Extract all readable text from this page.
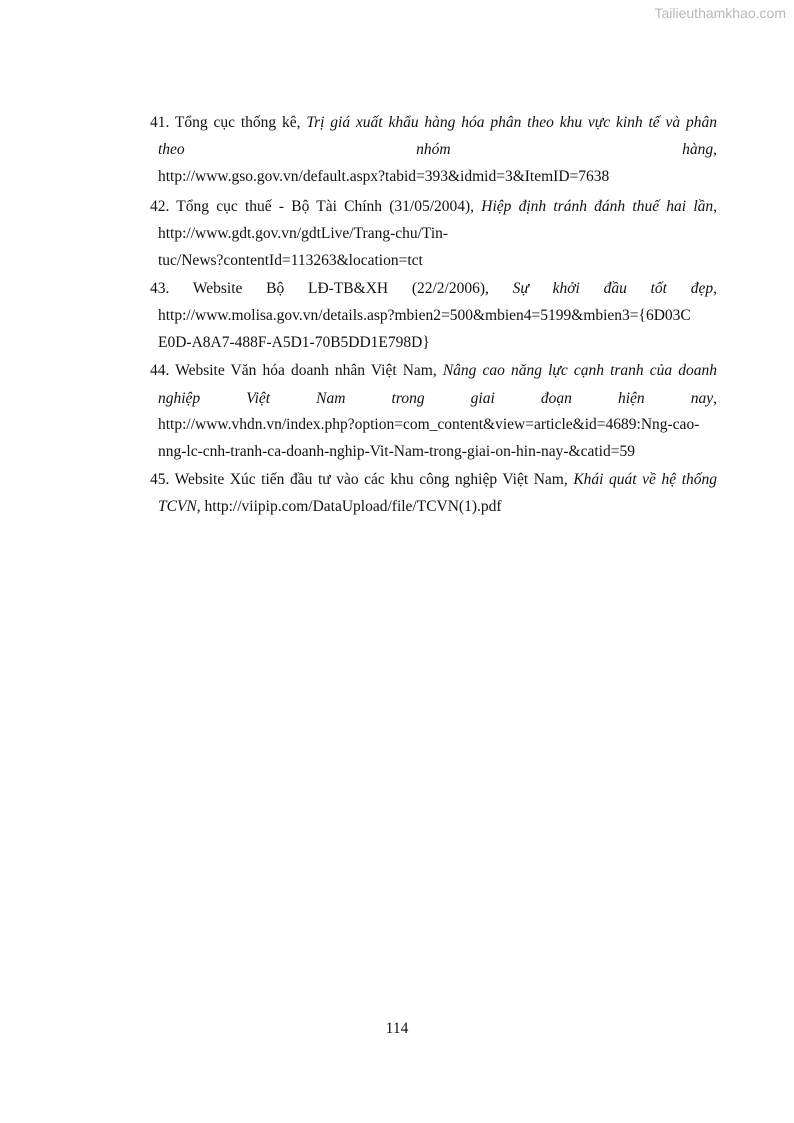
Tailieuthamkhao.com
41. Tổng cục thống kê, Trị giá xuất khẩu hàng hóa phân theo khu vực kinh tế và phân
theo nhóm hàng,
http://www.gso.gov.vn/default.aspx?tabid=393&idmid=3&ItemID=7638
42. Tổng cục thuế - Bộ Tài Chính (31/05/2004), Hiệp định tránh đánh thuế hai lần,
http://www.gdt.gov.vn/gdtLive/Trang-chu/Tin-
tuc/News?contentId=113263&location=tct
43. Website Bộ LĐ-TB&XH (22/2/2006), Sự khởi đầu tốt đẹp,
http://www.molisa.gov.vn/details.asp?mbien2=500&mbien4=5199&mbien3={6D03C
E0D-A8A7-488F-A5D1-70B5DD1E798D}
44. Website Văn hóa doanh nhân Việt Nam, Nâng cao năng lực cạnh tranh của doanh
nghiệp Việt Nam trong giai đoạn hiện nay,
http://www.vhdn.vn/index.php?option=com_content&view=article&id=4689:Nng-cao-
nng-lc-cnh-tranh-ca-doanh-nghip-Vit-Nam-trong-giai-on-hin-nay-&catid=59
45. Website Xúc tiến đầu tư vào các khu công nghiệp Việt Nam, Khái quát về hệ thống
TCVN, http://viipip.com/DataUpload/file/TCVN(1).pdf
114
